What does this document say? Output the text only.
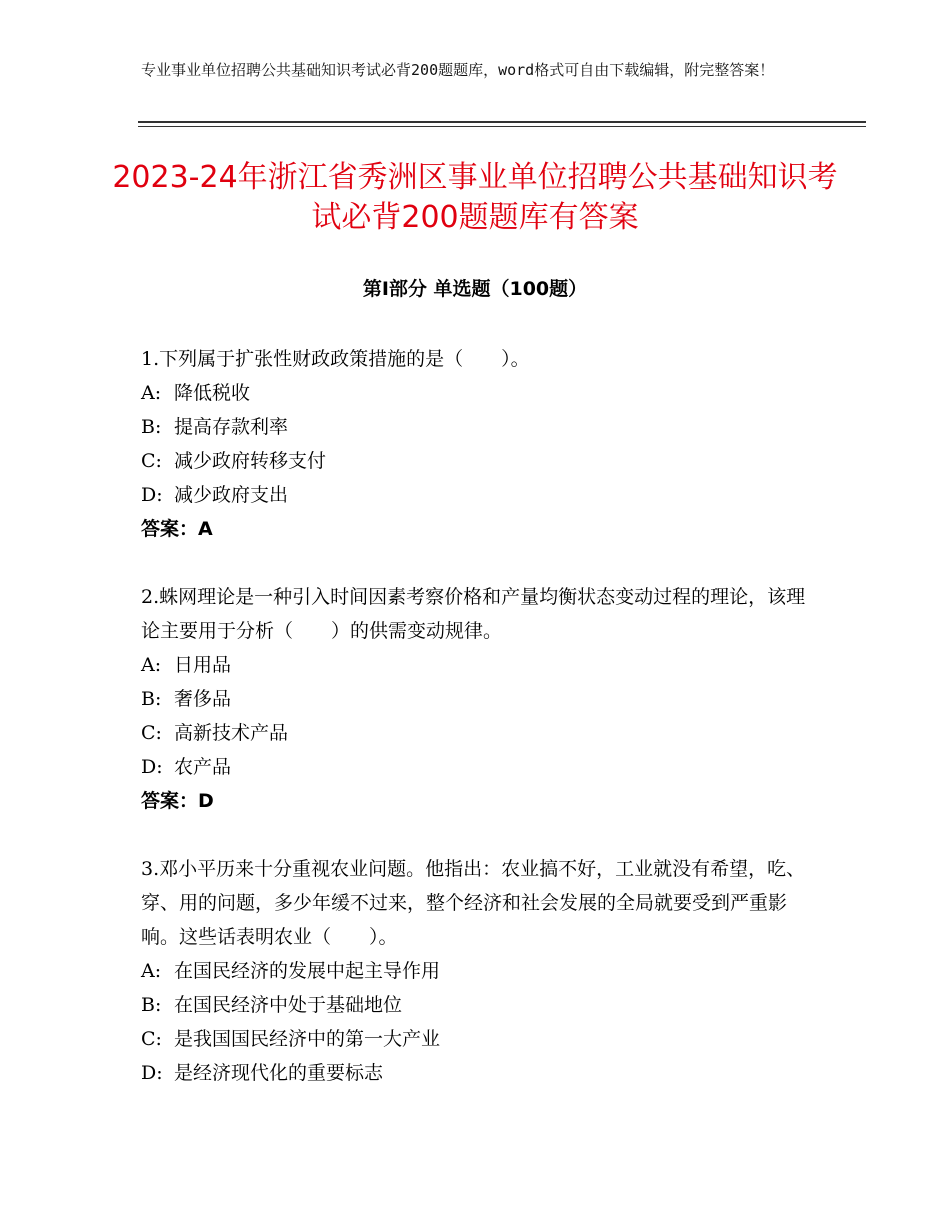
专业事业单位招聘公共基础知识考试必背200题题库，word格式可自由下载编辑，附完整答案！
2023-24年浙江省秀洲区事业单位招聘公共基础知识考试必背200题题库有答案
第Ⅰ部分 单选题（100题）

1.下列属于扩张性财政政策措施的是（　　）。

A: 降低税收

B: 提高存款利率

C: 减少政府转移支付

D: 减少政府支出

答案：A

2.蛛网理论是一种引入时间因素考察价格和产量均衡状态变动过程的理论，该理论主要用于分析（　　）的供需变动规律。

A: 日用品

B: 奢侈品

C: 高新技术产品

D: 农产品

答案：D

3.邓小平历来十分重视农业问题。他指出：农业搞不好，工业就没有希望，吃、穿、用的问题，多少年缓不过来，整个经济和社会发展的全局就要受到严重影响。这些话表明农业（　　）。

A: 在国民经济的发展中起主导作用

B: 在国民经济中处于基础地位

C: 是我国国民经济中的第一大产业

D: 是经济现代化的重要标志
